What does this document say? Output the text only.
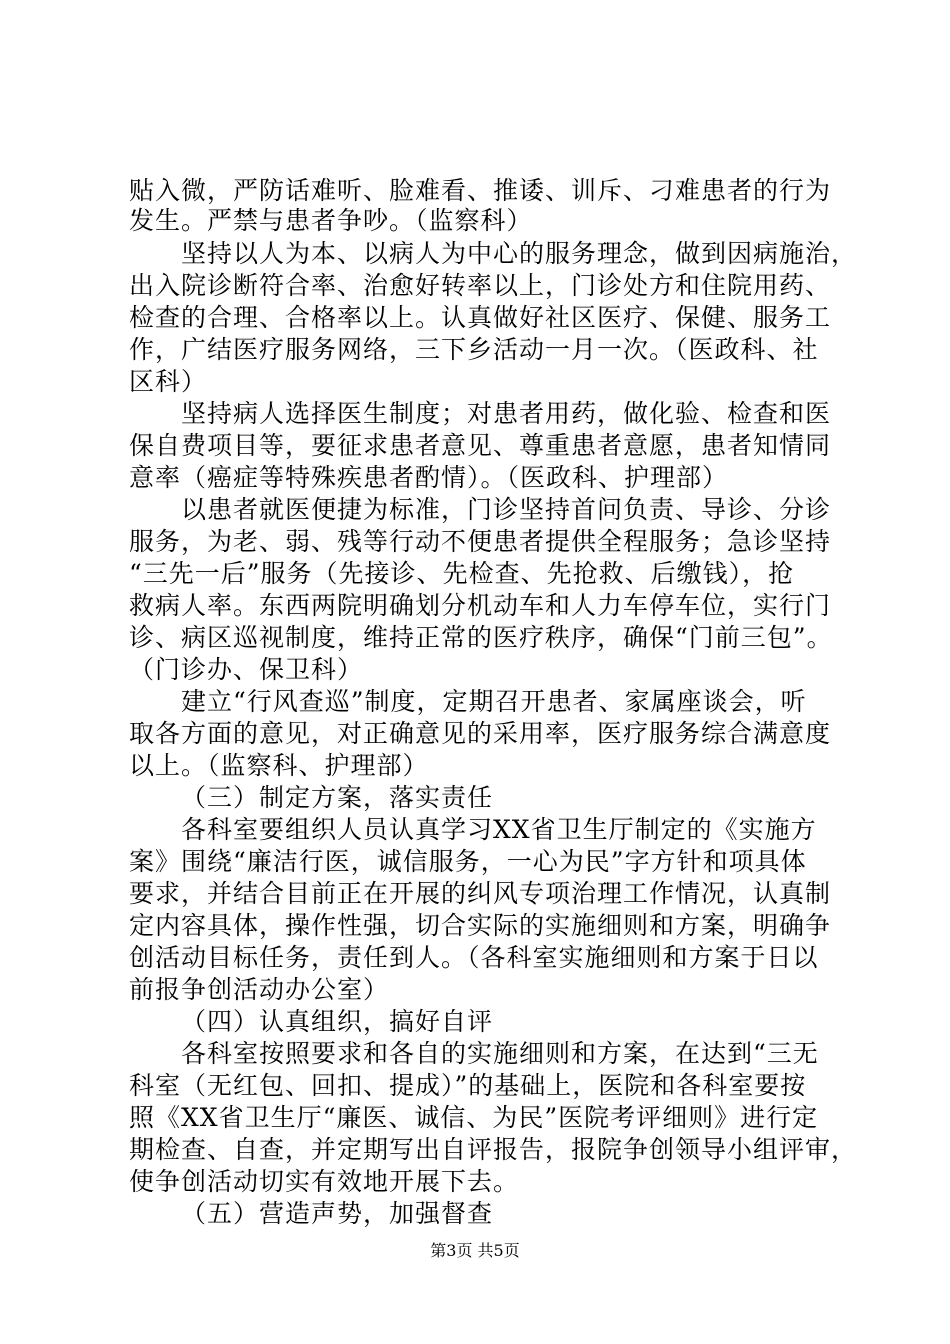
贴入微，严防话难听、脸难看、推诿、训斥、刁难患者的行为
发生。严禁与患者争吵。（监察科）
坚持以人为本、以病人为中心的服务理念，做到因病施治，
出入院诊断符合率、治愈好转率以上，门诊处方和住院用药、
检查的合理、合格率以上。认真做好社区医疗、保健、服务工
作，广结医疗服务网络，三下乡活动一月一次。（医政科、社
区科）
坚持病人选择医生制度；对患者用药，做化验、检查和医
保自费项目等，要征求患者意见、尊重患者意愿，患者知情同
意率（癌症等特殊疾患者酌情）。（医政科、护理部）
以患者就医便捷为标准，门诊坚持首问负责、导诊、分诊
服务，为老、弱、残等行动不便患者提供全程服务；急诊坚持
“三先一后”服务（先接诊、先检查、先抢救、后缴钱），抢
救病人率。东西两院明确划分机动车和人力车停车位，实行门
诊、病区巡视制度，维持正常的医疗秩序，确保“门前三包”。
（门诊办、保卫科）
建立“行风查巡”制度，定期召开患者、家属座谈会，听
取各方面的意见，对正确意见的采用率，医疗服务综合满意度
以上。（监察科、护理部）
（三）制定方案，落实责任
各科室要组织人员认真学习XX省卫生厅制定的《实施方
案》围绕“廉洁行医，诚信服务，一心为民”字方针和项具体
要求，并结合目前正在开展的纠风专项治理工作情况，认真制
定内容具体，操作性强，切合实际的实施细则和方案，明确争
创活动目标任务，责任到人。（各科室实施细则和方案于日以
前报争创活动办公室）
（四）认真组织，搞好自评
各科室按照要求和各自的实施细则和方案，在达到“三无
科室（无红包、回扣、提成）”的基础上，医院和各科室要按
照《XX省卫生厅“廉医、诚信、为民”医院考评细则》进行定
期检查、自查，并定期写出自评报告，报院争创领导小组评审，
使争创活动切实有效地开展下去。
（五）营造声势，加强督查
第3页 共5页
